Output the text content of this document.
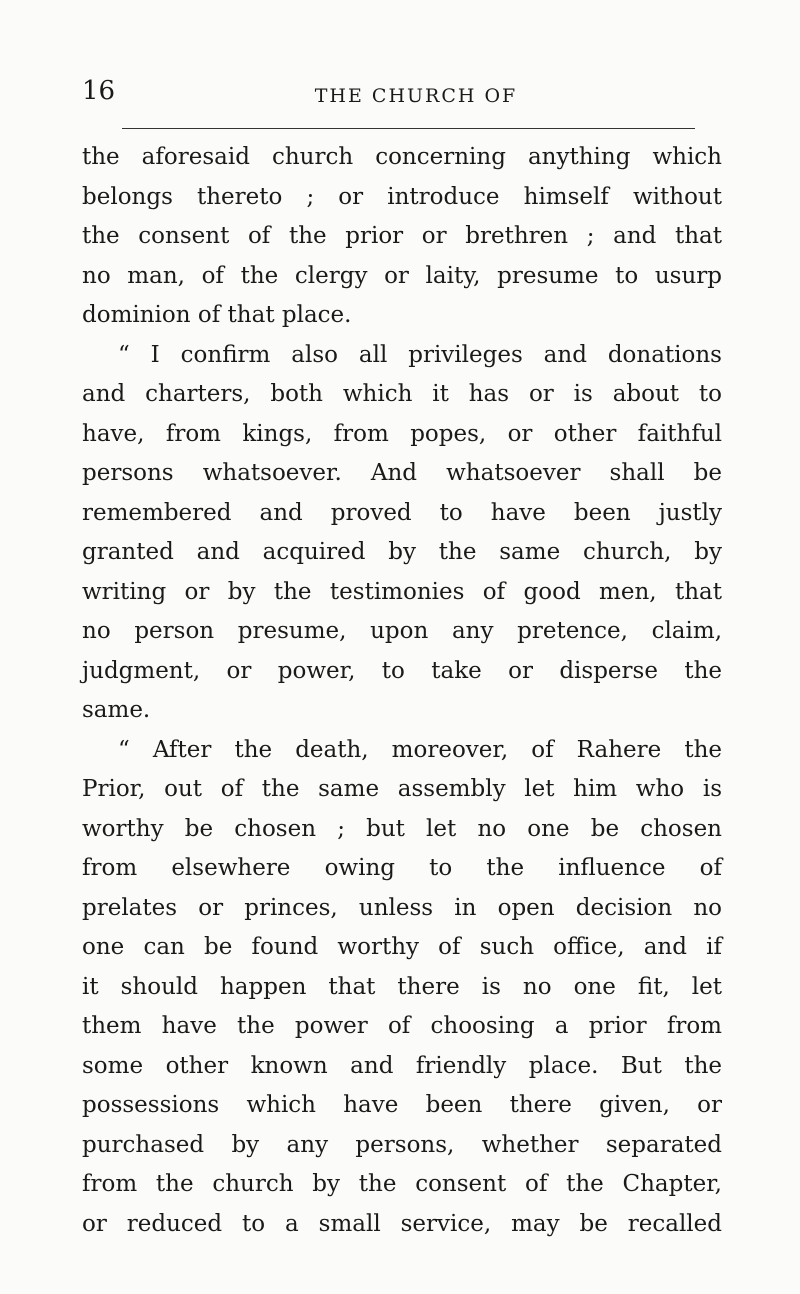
16	THE CHURCH OF
the aforesaid church concerning anything which
belongs thereto ; or introduce himself without
the consent of the prior or brethren ; and that
no man, of the clergy or laity, presume to usurp
dominion of that place.
“ I confirm also all privileges and donations
and charters, both which it has or is about to
have, from kings, from popes, or other faithful
persons whatsoever. And whatsoever shall be
remembered and proved to have been justly
granted and acquired by the same church, by
writing or by the testimonies of good men, that
no person presume, upon any pretence, claim,
judgment, or power, to take or disperse the
same.
“ After the death, moreover, of Rahere the
Prior, out of the same assembly let him who is
worthy be chosen ; but let no one be chosen
from elsewhere owing to the influence of
prelates or princes, unless in open decision no
one can be found worthy of such office, and if
it should happen that there is no one fit, let
them have the power of choosing a prior from
some other known and friendly place. But the
possessions which have been there given, or
purchased by any persons, whether separated
from the church by the consent of the Chapter,
or reduced to a small service, may be recalled
